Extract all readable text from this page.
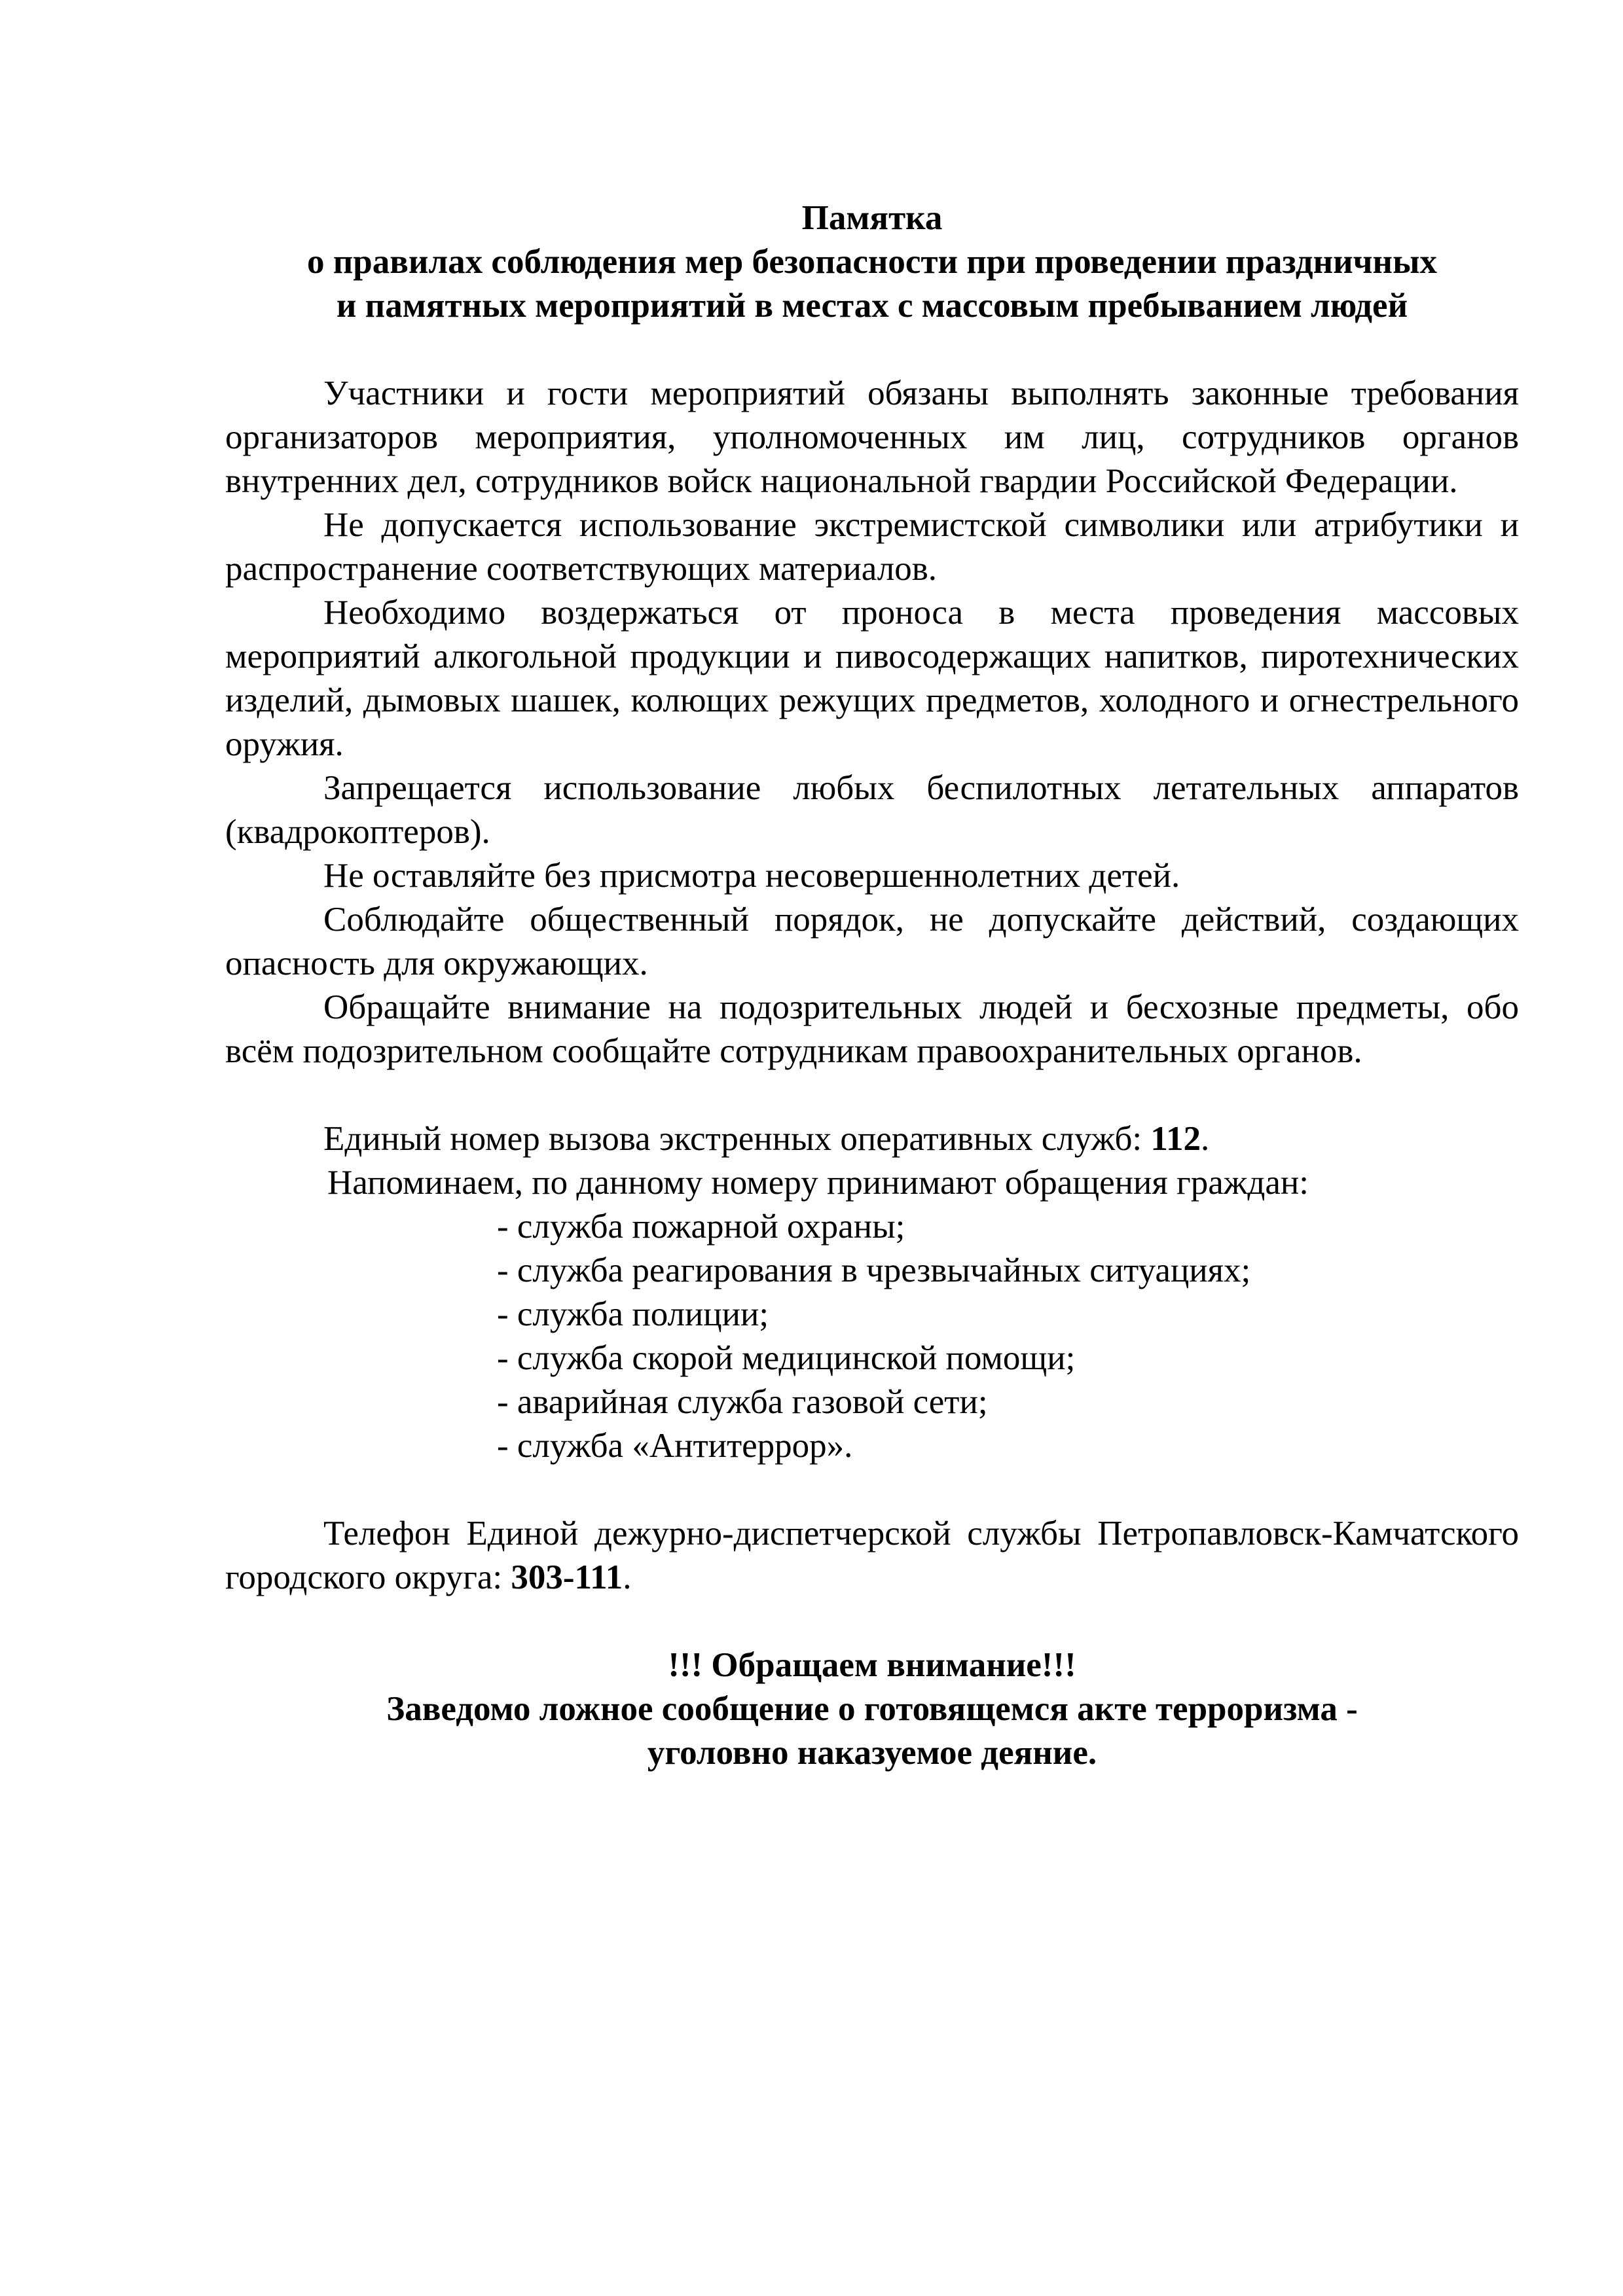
Памятка
о правилах соблюдения мер безопасности при проведении праздничных
и памятных мероприятий в местах с массовым пребыванием людей

Участники и гости мероприятий обязаны выполнять законные требования организаторов мероприятия, уполномоченных им лиц, сотрудников органов внутренних дел, сотрудников войск национальной гвардии Российской Федерации.

Не допускается использование экстремистской символики или атрибутики и распространение соответствующих материалов.

Необходимо воздержаться от проноса в места проведения массовых мероприятий алкогольной продукции и пивосодержащих напитков, пиротехнических изделий, дымовых шашек, колющих режущих предметов, холодного и огнестрельного оружия.

Запрещается использование любых беспилотных летательных аппаратов (квадрокоптеров).

Не оставляйте без присмотра несовершеннолетних детей.

Соблюдайте общественный порядок, не допускайте действий, создающих опасность для окружающих.

Обращайте внимание на подозрительных людей и бесхозные предметы, обо всём подозрительном сообщайте сотрудникам правоохранительных органов.

Единый номер вызова экстренных оперативных служб: 112.
Напоминаем, по данному номеру принимают обращения граждан:
- служба пожарной охраны;
- служба реагирования в чрезвычайных ситуациях;
- служба полиции;
- служба скорой медицинской помощи;
- аварийная служба газовой сети;
- служба «Антитеррор».

Телефон Единой дежурно-диспетчерской службы Петропавловск-Камчатского городского округа: 303-111.

!!! Обращаем внимание!!!
Заведомо ложное сообщение о готовящемся акте терроризма -
уголовно наказуемое деяние.
